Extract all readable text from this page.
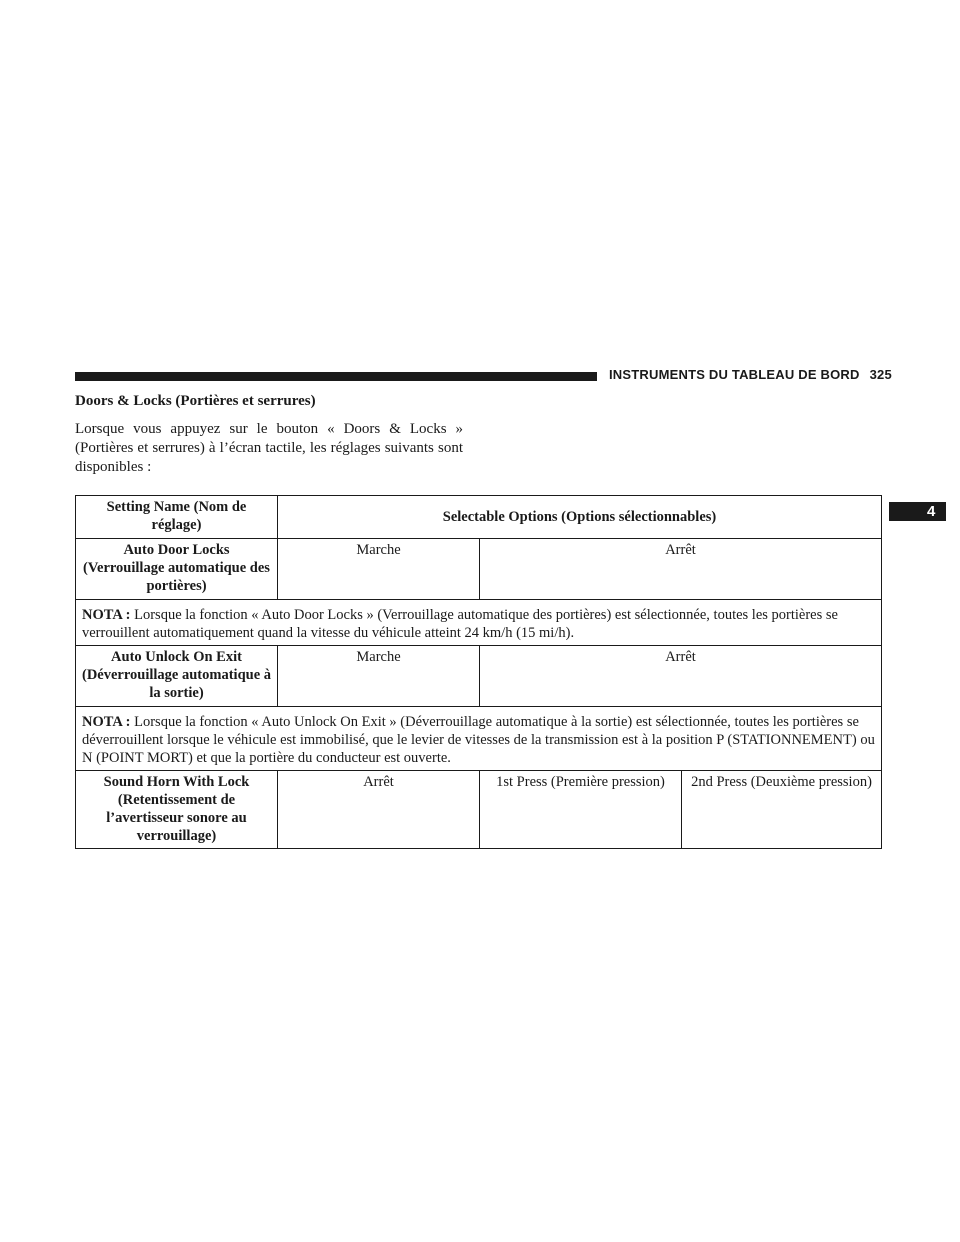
INSTRUMENTS DU TABLEAU DE BORD 325
4
Doors & Locks (Portières et serrures)

Lorsque vous appuyez sur le bouton « Doors & Locks » (Portières et serrures) à l’écran tactile, les réglages suivants sont disponibles :

Setting Name (Nom de réglage)	Selectable Options (Options sélectionnables)		
Auto Door Locks (Verrouillage automatique des portières)	Marche	Arrêt	
NOTA : Lorsque la fonction « Auto Door Locks » (Verrouillage automatique des portières) est sélectionnée, toutes les portières se verrouillent automatiquement quand la vitesse du véhicule atteint 24 km/h (15 mi/h).			
Auto Unlock On Exit (Déverrouillage automatique à la sortie)	Marche	Arrêt	
NOTA : Lorsque la fonction « Auto Unlock On Exit » (Déverrouillage automatique à la sortie) est sélectionnée, toutes les portières se déverrouillent lorsque le véhicule est immobilisé, que le levier de vitesses de la transmission est à la position P (STATIONNEMENT) ou N (POINT MORT) et que la portière du conducteur est ouverte.			
Sound Horn With Lock (Retentissement de l’avertisseur sonore au verrouillage)	Arrêt	1st Press (Première pression)	2nd Press (Deuxième pression)
